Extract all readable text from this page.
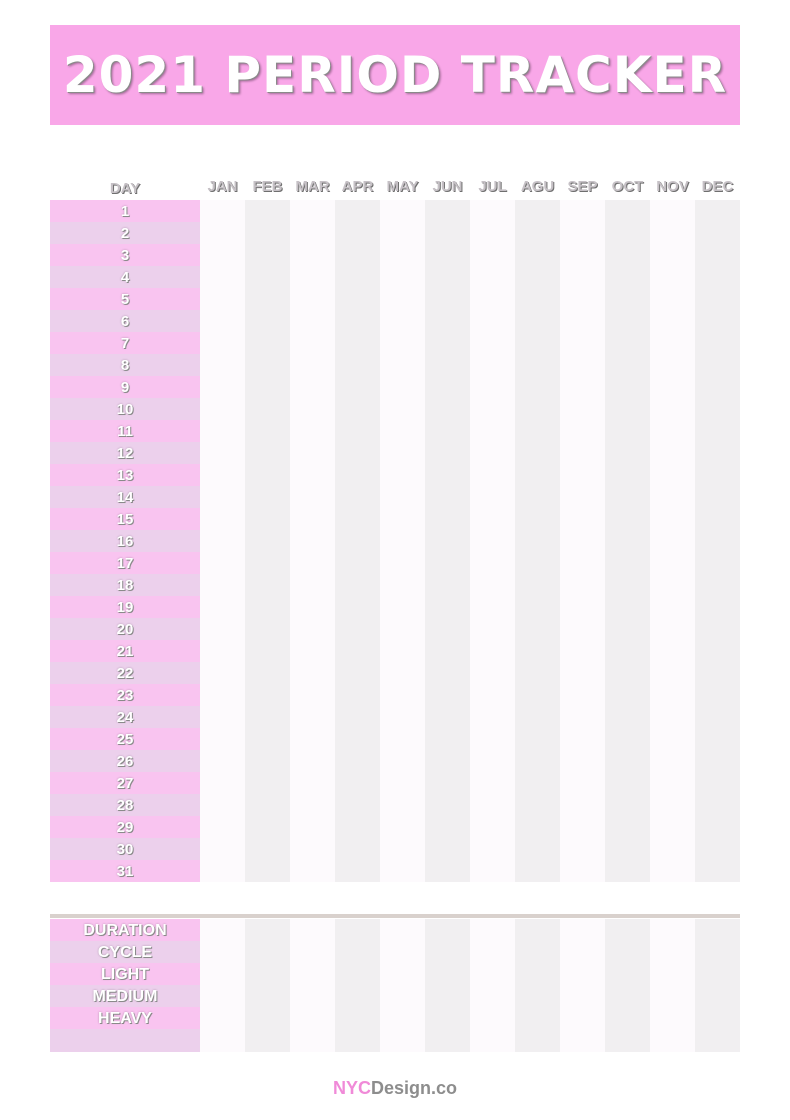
2021 PERIOD TRACKER
DAY	JAN	FEB MAR APR MAY JUN	JUL AGU SEP OCT NOV DEC
1
2
3
4
5
6
7
8
9
10
11
12
13
14
15
16
17
18
19
20
21
22
23
24
25
26
27
28
29
30
31
DURATION
CYCLE
LIGHT
MEDIUM
HEAVY
NYCDesign.co
